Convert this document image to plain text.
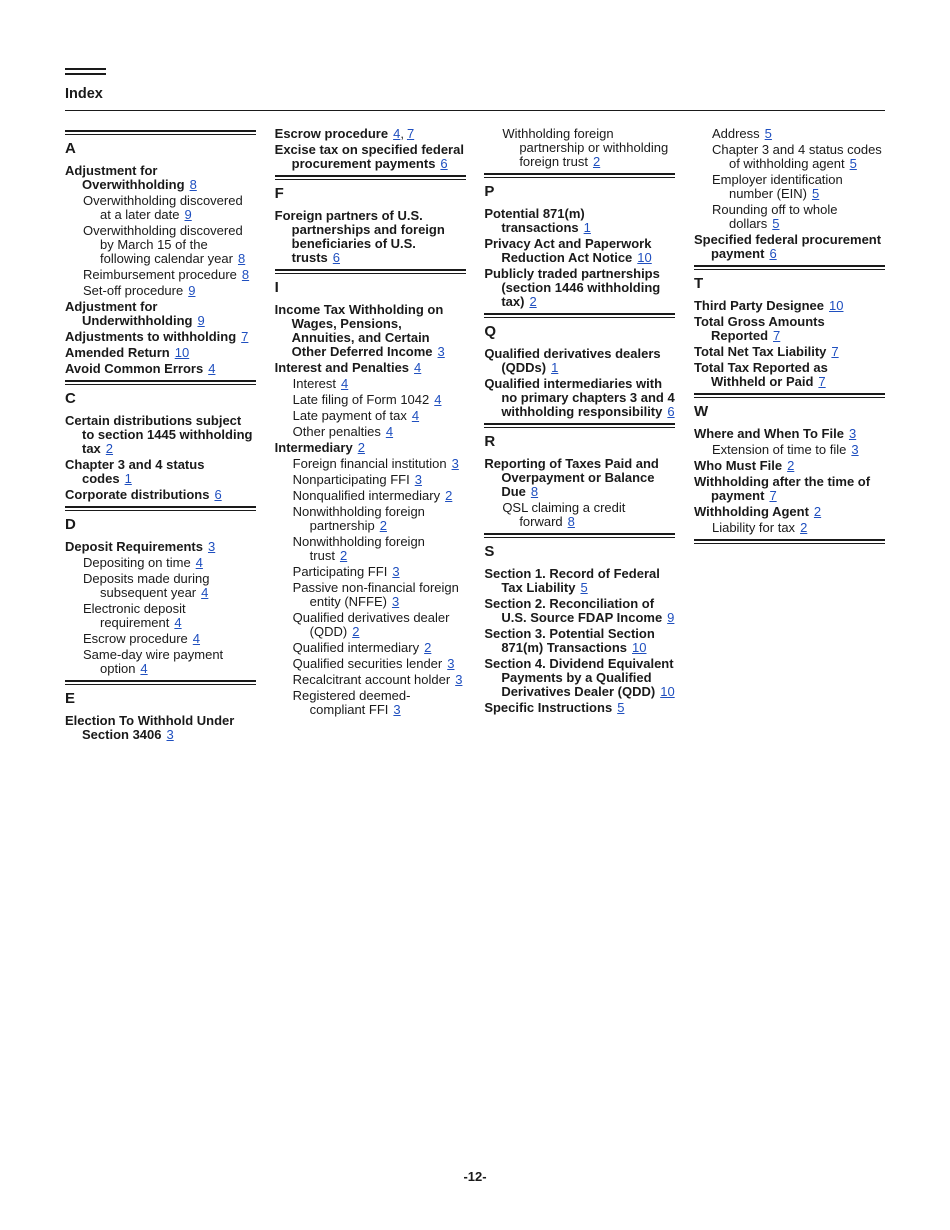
Index
A
Adjustment for Overwithholding 8
Overwithholding discovered at a later date 9
Overwithholding discovered by March 15 of the following calendar year 8
Reimbursement procedure 8
Set-off procedure 9
Adjustment for Underwithholding 9
Adjustments to withholding 7
Amended Return 10
Avoid Common Errors 4
C
Certain distributions subject to section 1445 withholding tax 2
Chapter 3 and 4 status codes 1
Corporate distributions 6
D
Deposit Requirements 3
Depositing on time 4
Deposits made during subsequent year 4
Electronic deposit requirement 4
Escrow procedure 4
Same-day wire payment option 4
E
Election To Withhold Under Section 3406 3
Escrow procedure 4, 7
Excise tax on specified federal procurement payments 6
F
Foreign partners of U.S. partnerships and foreign beneficiaries of U.S. trusts 6
I
Income Tax Withholding on Wages, Pensions, Annuities, and Certain Other Deferred Income 3
Interest and Penalties 4
Interest 4
Late filing of Form 1042 4
Late payment of tax 4
Other penalties 4
Intermediary 2
Foreign financial institution 3
Nonparticipating FFI 3
Nonqualified intermediary 2
Nonwithholding foreign partnership 2
Nonwithholding foreign trust 2
Participating FFI 3
Passive non-financial foreign entity (NFFE) 3
Qualified derivatives dealer (QDD) 2
Qualified intermediary 2
Qualified securities lender 3
Recalcitrant account holder 3
Registered deemed-compliant FFI 3
Withholding foreign partnership or withholding foreign trust 2
P
Potential 871(m) transactions 1
Privacy Act and Paperwork Reduction Act Notice 10
Publicly traded partnerships (section 1446 withholding tax) 2
Q
Qualified derivatives dealers (QDDs) 1
Qualified intermediaries with no primary chapters 3 and 4 withholding responsibility 6
R
Reporting of Taxes Paid and Overpayment or Balance Due 8
QSL claiming a credit forward 8
S
Section 1. Record of Federal Tax Liability 5
Section 2. Reconciliation of U.S. Source FDAP Income 9
Section 3. Potential Section 871(m) Transactions 10
Section 4. Dividend Equivalent Payments by a Qualified Derivatives Dealer (QDD) 10
Specific Instructions 5
Address 5
Chapter 3 and 4 status codes of withholding agent 5
Employer identification number (EIN) 5
Rounding off to whole dollars 5
Specified federal procurement payment 6
T
Third Party Designee 10
Total Gross Amounts Reported 7
Total Net Tax Liability 7
Total Tax Reported as Withheld or Paid 7
W
Where and When To File 3
Extension of time to file 3
Who Must File 2
Withholding after the time of payment 7
Withholding Agent 2
Liability for tax 2
-12-
